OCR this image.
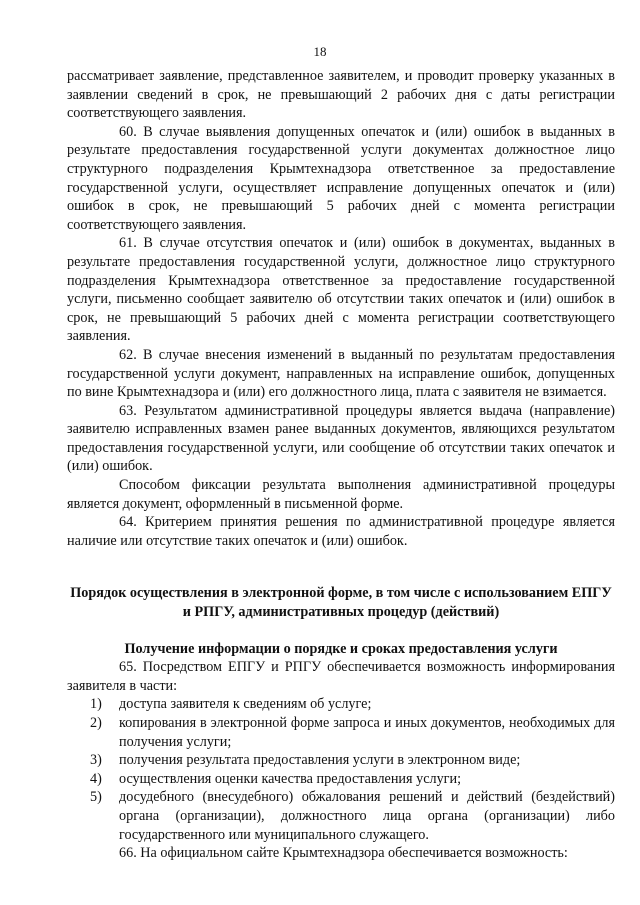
18

рассматривает заявление, представленное заявителем, и проводит проверку указанных в заявлении сведений в срок, не превышающий 2 рабочих дня с даты регистрации соответствующего заявления.

60. В случае выявления допущенных опечаток и (или) ошибок в выданных в результате предоставления государственной услуги документах должностное лицо структурного подразделения Крымтехнадзора ответственное за предоставление государственной услуги, осуществляет исправление допущенных опечаток и (или) ошибок в срок, не превышающий 5 рабочих дней с момента регистрации соответствующего заявления.

61. В случае отсутствия опечаток и (или) ошибок в документах, выданных в результате предоставления государственной услуги, должностное лицо структурного подразделения Крымтехнадзора ответственное за предоставление государственной услуги, письменно сообщает заявителю об отсутствии таких опечаток и (или) ошибок в срок, не превышающий 5 рабочих дней с момента регистрации соответствующего заявления.

62. В случае внесения изменений в выданный по результатам предоставления государственной услуги документ, направленных на исправление ошибок, допущенных по вине Крымтехнадзора и (или) его должностного лица, плата с заявителя не взимается.

63. Результатом административной процедуры является выдача (направление) заявителю исправленных взамен ранее выданных документов, являющихся результатом предоставления государственной услуги, или сообщение об отсутствии таких опечаток и (или) ошибок.

Способом фиксации результата выполнения административной процедуры является документ, оформленный в письменной форме.

64. Критерием принятия решения по административной процедуре является наличие или отсутствие таких опечаток и (или) ошибок.

Порядок осуществления в электронной форме, в том числе с использованием ЕПГУ и РПГУ, административных процедур (действий)

Получение информации о порядке и сроках предоставления услуги

65. Посредством ЕПГУ и РПГУ обеспечивается возможность информирования заявителя в части:

1)	доступа заявителя к сведениям об услуге;
2)	копирования в электронной форме запроса и иных документов, необходимых для получения услуги;
3)	получения результата предоставления услуги в электронном виде;
4)	осуществления оценки качества предоставления услуги;
5)	досудебного (внесудебного) обжалования решений и действий (бездействий) органа (организации), должностного лица органа (организации) либо государственного или муниципального служащего.

66. На официальном сайте Крымтехнадзора обеспечивается возможность:
